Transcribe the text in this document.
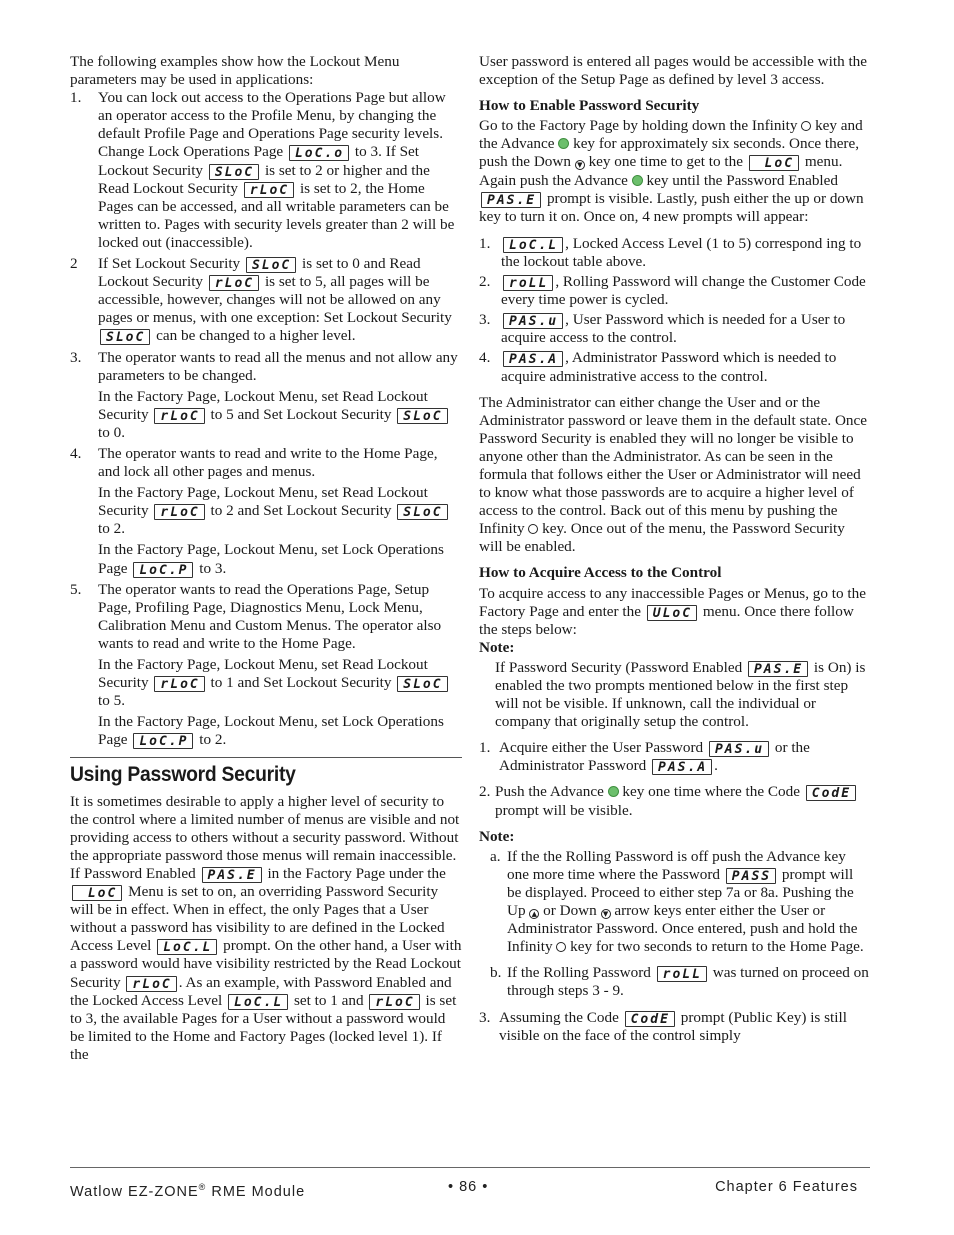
The following examples show how the Lockout Menu parameters may be used in applications:

1.	You can lock out access to the Operations Page but allow an operator access to the Profile Menu, by changing the default Profile Page and Operations Page security levels. Change Lock Operations Page LoC.o to 3. If Set Lockout Security SLoC is set to 2 or higher and the Read Lockout Security rLoC is set to 2, the Home Pages can be accessed, and all writable parameters can be written to. Pages with security levels greater than 2 will be locked out (inaccessible).
2	If Set Lockout Security SLoC is set to 0 and Read Lockout Security rLoC is set to 5, all pages will be accessible, however, changes will not be allowed on any pages or menus, with one exception: Set Lockout Security SLoC can be changed to a higher level.
3.	The operator wants to read all the menus and not allow any parameters to be changed.

In the Factory Page, Lockout Menu, set Read Lockout Security rLoC to 5 and Set Lockout Security SLoC to 0.

4.	The operator wants to read and write to the Home Page, and lock all other pages and menus.

In the Factory Page, Lockout Menu, set Read Lockout Security rLoC to 2 and Set Lockout Security SLoC to 2.

In the Factory Page, Lockout Menu, set Lock Operations Page LoC.P to 3.

5.	The operator wants to read the Operations Page, Setup Page, Profiling Page, Diagnostics Menu, Lock Menu, Calibration Menu and Custom Menus. The operator also wants to read and write to the Home Page.

In the Factory Page, Lockout Menu, set Read Lockout Security rLoC to 1 and Set Lockout Security SLoC to 5.

In the Factory Page, Lockout Menu, set Lock Operations Page LoC.P to 2.

Using Password Security

It is sometimes desirable to apply a higher level of security to the control where a limited number of menus are visible and not providing access to others without a security password. Without the appropriate password those menus will remain inaccessible. If Password Enabled PAS.E in the Factory Page under the  LoC Menu is set to on, an overriding Password Security will be in effect. When in effect, the only Pages that a User without a password has visibility to are defined in the Locked Access Level LoC.L prompt. On the other hand, a User with a password would have visibility restricted by the Read Lockout Security rLoC . As an example, with Password Enabled and the Locked Access Level LoC.L set to 1 and rLoC is set to 3, the available Pages for a User without a password would be limited to the Home and Factory Pages (locked level 1). If the

User password is entered all pages would be accessible with the exception of the Setup Page as defined by level 3 access.

How to Enable Password Security

Go to the Factory Page by holding down the Infinity key and the Advance key for approximately six seconds. Once there, push the Down ▼ key one time to get to the  LoC menu. Again push the Advance key until the Password Enabled PAS.E prompt is visible. Lastly, push either the up or down key to turn it on. Once on, 4 new prompts will appear:

1.	LoC.L , Locked Access Level (1 to 5) correspond ing to the lockout table above.
2.	roLL , Rolling Password will change the Customer Code every time power is cycled.
3.	PAS.u , User Password which is needed for a User to acquire access to the control.
4.	PAS.A , Administrator Password which is needed to acquire administrative access to the control.

The Administrator can either change the User and or the Administrator password or leave them in the default state. Once Password Security is enabled they will no longer be visible to anyone other than the Administrator. As can be seen in the formula that follows either the User or Administrator will need to know what those passwords are to acquire a higher level of access to the control. Back out of this menu by pushing the Infinity key. Once out of the menu, the Password Security will be enabled.

How to Acquire Access to the Control

To acquire access to any inaccessible Pages or Menus, go to the Factory Page and enter the ULoC menu. Once there follow the steps below:

Note:

If Password Security (Password Enabled PAS.E is On) is enabled the two prompts mentioned below in the first step will not be visible. If unknown, call the individual or company that originally setup the control.

1. Acquire either the User Password PAS.u or the Administrator Password PAS.A .
2. Push the Advance key one time where the Code CodE prompt will be visible.

Note:

a. If the the Rolling Password is off push the Advance key one more time where the Password PASS prompt will be displayed. Proceed to either step 7a or 8a. Pushing the Up ▲ or Down ▼ arrow keys enter either the User or Administrator Password. Once entered, push and hold the Infinity key for two seconds to return to the Home Page.
b. If the Rolling Password roLL was turned on proceed on through steps 3 - 9.
3. Assuming the Code CodE prompt (Public Key) is still visible on the face of the control simply
Watlow EZ-ZONE® RME Module	• 86 •	Chapter 6 Features
